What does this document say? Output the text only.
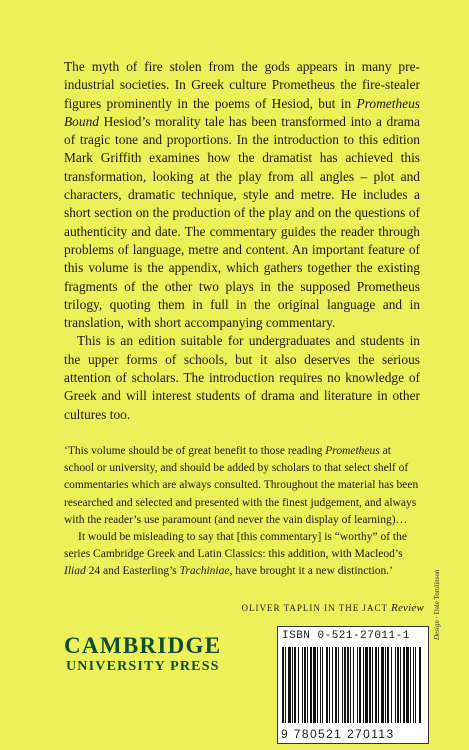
The myth of fire stolen from the gods appears in many pre-industrial societies. In Greek culture Prometheus the fire-stealer figures prominently in the poems of Hesiod, but in Prometheus Bound Hesiod’s morality tale has been transformed into a drama of tragic tone and proportions. In the introduction to this edition Mark Griffith examines how the dramatist has achieved this transformation, looking at the play from all angles – plot and characters, dramatic technique, style and metre. He includes a short section on the production of the play and on the questions of authenticity and date. The commentary guides the reader through problems of language, metre and content. An important feature of this volume is the appendix, which gathers together the existing fragments of the other two plays in the supposed Prometheus trilogy, quoting them in full in the original language and in translation, with short accompanying commentary.

This is an edition suitable for undergraduates and students in the upper forms of schools, but it also deserves the serious attention of scholars. The introduction requires no knowledge of Greek and will interest students of drama and literature in other cultures too.

‘This volume should be of great benefit to those reading Prometheus at school or university, and should be added by scholars to that select shelf of commentaries which are always consulted. Throughout the material has been researched and selected and presented with the finest judgement, and always with the reader’s use paramount (and never the vain display of learning)…

It would be misleading to say that [this commentary] is “worthy” of the series Cambridge Greek and Latin Classics: this addition, with Macleod’s Iliad 24 and Easterling’s Trachiniae, have brought it a new distinction.’

OLIVER TAPLIN IN THE JACT Review
Design · Dale Tomlinson
CAMBRIDGE
UNIVERSITY PRESS
ISBN 0-521-27011-1
9 780521 270113
